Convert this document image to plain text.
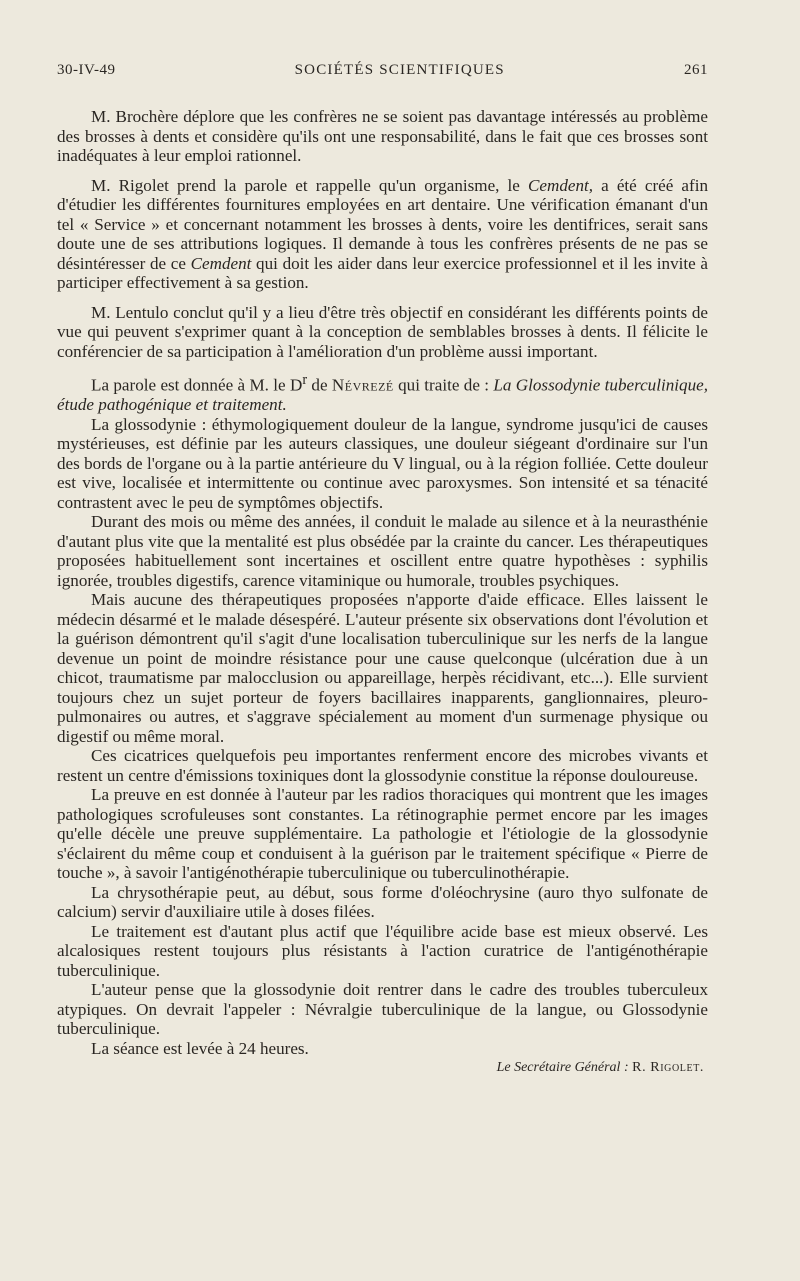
30-IV-49	SOCIÉTÉS SCIENTIFIQUES	261

M. Brochère déplore que les confrères ne se soient pas davantage intéressés au problème des brosses à dents et considère qu'ils ont une responsabilité, dans le fait que ces brosses sont inadéquates à leur emploi rationnel.

M. Rigolet prend la parole et rappelle qu'un organisme, le Cemdent, a été créé afin d'étudier les différentes fournitures employées en art dentaire. Une vérification émanant d'un tel « Service » et concernant notamment les brosses à dents, voire les dentifrices, serait sans doute une de ses attributions logiques. Il demande à tous les confrères présents de ne pas se désintéresser de ce Cemdent qui doit les aider dans leur exercice professionnel et il les invite à participer effectivement à sa gestion.

M. Lentulo conclut qu'il y a lieu d'être très objectif en considérant les différents points de vue qui peuvent s'exprimer quant à la conception de semblables brosses à dents. Il félicite le conférencier de sa participation à l'amélioration d'un problème aussi important.

La parole est donnée à M. le $D^r$ de Névrezé qui traite de : La Glossodynie tuberculinique, étude pathogénique et traitement.

La glossodynie : éthymologiquement douleur de la langue, syndrome jusqu'ici de causes mystérieuses, est définie par les auteurs classiques, une douleur siégeant d'ordinaire sur l'un des bords de l'organe ou à la partie antérieure du V lingual, ou à la région folliée. Cette douleur est vive, localisée et intermittente ou continue avec paroxysmes. Son intensité et sa ténacité contrastent avec le peu de symptômes objectifs.

Durant des mois ou même des années, il conduit le malade au silence et à la neurasthénie d'autant plus vite que la mentalité est plus obsédée par la crainte du cancer. Les thérapeutiques proposées habituellement sont incertaines et oscillent entre quatre hypothèses : syphilis ignorée, troubles digestifs, carence vitaminique ou humorale, troubles psychiques.

Mais aucune des thérapeutiques proposées n'apporte d'aide efficace. Elles laissent le médecin désarmé et le malade désespéré. L'auteur présente six observations dont l'évolution et la guérison démontrent qu'il s'agit d'une localisation tuberculinique sur les nerfs de la langue devenue un point de moindre résistance pour une cause quelconque (ulcération due à un chicot, traumatisme par malocclusion ou appareillage, herpès récidivant, etc...). Elle survient toujours chez un sujet porteur de foyers bacillaires inapparents, ganglionnaires, pleuro-pulmonaires ou autres, et s'aggrave spécialement au moment d'un surmenage physique ou digestif ou même moral.

Ces cicatrices quelquefois peu importantes renferment encore des microbes vivants et restent un centre d'émissions toxiniques dont la glossodynie constitue la réponse douloureuse.

La preuve en est donnée à l'auteur par les radios thoraciques qui montrent que les images pathologiques scrofuleuses sont constantes. La rétinographie permet encore par les images qu'elle décèle une preuve supplémentaire. La pathologie et l'étiologie de la glossodynie s'éclairent du même coup et conduisent à la guérison par le traitement spécifique « Pierre de touche », à savoir l'antigénothérapie tuberculinique ou tuberculinothérapie.

La chrysothérapie peut, au début, sous forme d'oléochrysine (auro thyo sulfonate de calcium) servir d'auxiliaire utile à doses filées.

Le traitement est d'autant plus actif que l'équilibre acide base est mieux observé. Les alcalosiques restent toujours plus résistants à l'action curatrice de l'antigénothérapie tuberculinique.

L'auteur pense que la glossodynie doit rentrer dans le cadre des troubles tuberculeux atypiques. On devrait l'appeler : Névralgie tuberculinique de la langue, ou Glossodynie tuberculinique.

La séance est levée à 24 heures.

Le Secrétaire Général : R. Rigolet.
